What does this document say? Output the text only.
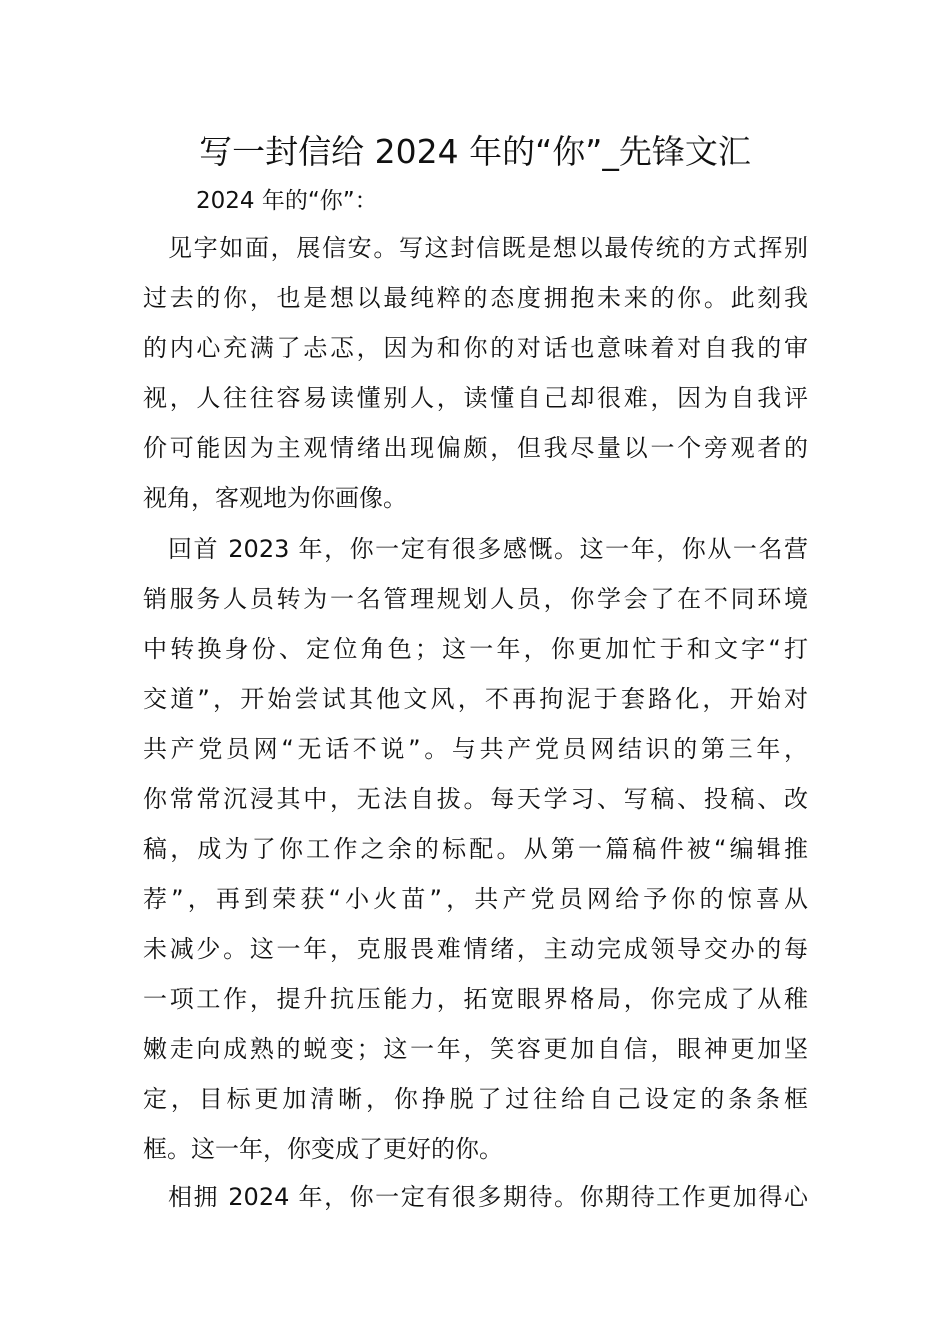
写一封信给 2024 年的“你”_先锋文汇
2024 年的“你”：
见字如面，展信安。写这封信既是想以最传统的方式挥别
过去的你，也是想以最纯粹的态度拥抱未来的你。此刻我
的内心充满了忐忑，因为和你的对话也意味着对自我的审
视，人往往容易读懂别人，读懂自己却很难，因为自我评
价可能因为主观情绪出现偏颇，但我尽量以一个旁观者的
视角，客观地为你画像。
回首 2023 年，你一定有很多感慨。这一年，你从一名营
销服务人员转为一名管理规划人员，你学会了在不同环境
中转换身份、定位角色；这一年，你更加忙于和文字“打
交道”，开始尝试其他文风，不再拘泥于套路化，开始对
共产党员网“无话不说”。与共产党员网结识的第三年，
你常常沉浸其中，无法自拔。每天学习、写稿、投稿、改
稿，成为了你工作之余的标配。从第一篇稿件被“编辑推
荐”，再到荣获“小火苗”，共产党员网给予你的惊喜从
未减少。这一年，克服畏难情绪，主动完成领导交办的每
一项工作，提升抗压能力，拓宽眼界格局，你完成了从稚
嫩走向成熟的蜕变；这一年，笑容更加自信，眼神更加坚
定，目标更加清晰，你挣脱了过往给自己设定的条条框
框。这一年，你变成了更好的你。
相拥 2024 年，你一定有很多期待。你期待工作更加得心
